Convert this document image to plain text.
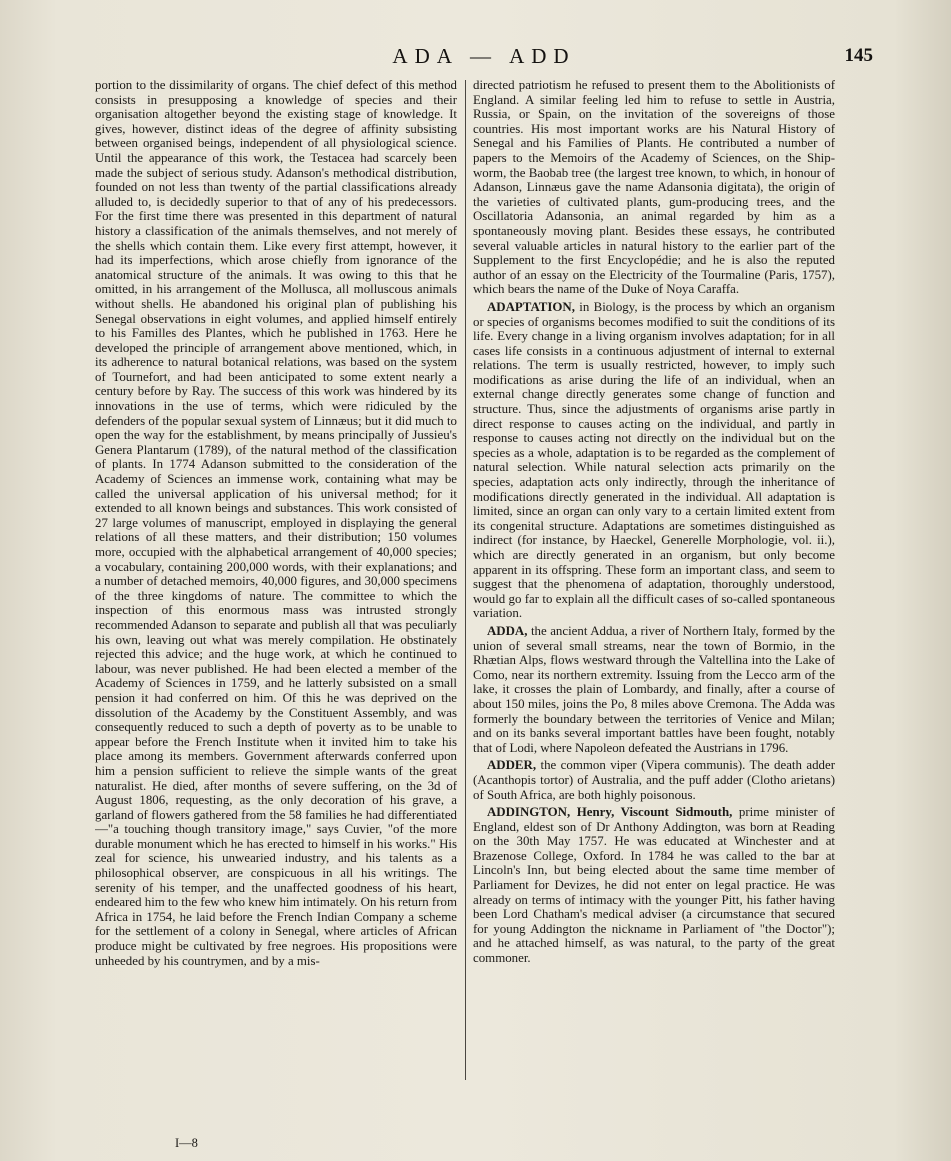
ADA — ADD	145

portion to the dissimilarity of organs. The chief defect of this method consists in presupposing a knowledge of species and their organisation altogether beyond the existing stage of knowledge. It gives, however, distinct ideas of the degree of affinity subsisting between organised beings, independent of all physiological science. Until the appearance of this work, the Testacea had scarcely been made the subject of serious study. Adanson's methodical distribution, founded on not less than twenty of the partial classifications already alluded to, is decidedly superior to that of any of his predecessors. For the first time there was presented in this department of natural history a classification of the animals themselves, and not merely of the shells which contain them. Like every first attempt, however, it had its imperfections, which arose chiefly from ignorance of the anatomical structure of the animals. It was owing to this that he omitted, in his arrangement of the Mollusca, all molluscous animals without shells. He abandoned his original plan of publishing his Senegal observations in eight volumes, and applied himself entirely to his Familles des Plantes, which he published in 1763. Here he developed the principle of arrangement above mentioned, which, in its adherence to natural botanical relations, was based on the system of Tournefort, and had been anticipated to some extent nearly a century before by Ray. The success of this work was hindered by its innovations in the use of terms, which were ridiculed by the defenders of the popular sexual system of Linnæus; but it did much to open the way for the establishment, by means principally of Jussieu's Genera Plantarum (1789), of the natural method of the classification of plants. In 1774 Adanson submitted to the consideration of the Academy of Sciences an immense work, containing what may be called the universal application of his universal method; for it extended to all known beings and substances. This work consisted of 27 large volumes of manuscript, employed in displaying the general relations of all these matters, and their distribution; 150 volumes more, occupied with the alphabetical arrangement of 40,000 species; a vocabulary, containing 200,000 words, with their explanations; and a number of detached memoirs, 40,000 figures, and 30,000 specimens of the three kingdoms of nature. The committee to which the inspection of this enormous mass was intrusted strongly recommended Adanson to separate and publish all that was peculiarly his own, leaving out what was merely compilation. He obstinately rejected this advice; and the huge work, at which he continued to labour, was never published. He had been elected a member of the Academy of Sciences in 1759, and he latterly subsisted on a small pension it had conferred on him. Of this he was deprived on the dissolution of the Academy by the Constituent Assembly, and was consequently reduced to such a depth of poverty as to be unable to appear before the French Institute when it invited him to take his place among its members. Government afterwards conferred upon him a pension sufficient to relieve the simple wants of the great naturalist. He died, after months of severe suffering, on the 3d of August 1806, requesting, as the only decoration of his grave, a garland of flowers gathered from the 58 families he had differentiated—"a touching though transitory image," says Cuvier, "of the more durable monument which he has erected to himself in his works." His zeal for science, his unwearied industry, and his talents as a philosophical observer, are conspicuous in all his writings. The serenity of his temper, and the unaffected goodness of his heart, endeared him to the few who knew him intimately. On his return from Africa in 1754, he laid before the French Indian Company a scheme for the settlement of a colony in Senegal, where articles of African produce might be cultivated by free negroes. His propositions were unheeded by his countrymen, and by a mis-

directed patriotism he refused to present them to the Abolitionists of England. A similar feeling led him to refuse to settle in Austria, Russia, or Spain, on the invitation of the sovereigns of those countries. His most important works are his Natural History of Senegal and his Families of Plants. He contributed a number of papers to the Memoirs of the Academy of Sciences, on the Ship-worm, the Baobab tree (the largest tree known, to which, in honour of Adanson, Linnæus gave the name Adansonia digitata), the origin of the varieties of cultivated plants, gum-producing trees, and the Oscillatoria Adansonia, an animal regarded by him as a spontaneously moving plant. Besides these essays, he contributed several valuable articles in natural history to the earlier part of the Supplement to the first Encyclopédie; and he is also the reputed author of an essay on the Electricity of the Tourmaline (Paris, 1757), which bears the name of the Duke of Noya Caraffa.

ADAPTATION, in Biology, is the process by which an organism or species of organisms becomes modified to suit the conditions of its life. Every change in a living organism involves adaptation; for in all cases life consists in a continuous adjustment of internal to external relations. The term is usually restricted, however, to imply such modifications as arise during the life of an individual, when an external change directly generates some change of function and structure. Thus, since the adjustments of organisms arise partly in direct response to causes acting on the individual, and partly in response to causes acting not directly on the individual but on the species as a whole, adaptation is to be regarded as the complement of natural selection. While natural selection acts primarily on the species, adaptation acts only indirectly, through the inheritance of modifications directly generated in the individual. All adaptation is limited, since an organ can only vary to a certain limited extent from its congenital structure. Adaptations are sometimes distinguished as indirect (for instance, by Haeckel, Generelle Morphologie, vol. ii.), which are directly generated in an organism, but only become apparent in its offspring. These form an important class, and seem to suggest that the phenomena of adaptation, thoroughly understood, would go far to explain all the difficult cases of so-called spontaneous variation.

ADDA, the ancient Addua, a river of Northern Italy, formed by the union of several small streams, near the town of Bormio, in the Rhætian Alps, flows westward through the Valtellina into the Lake of Como, near its northern extremity. Issuing from the Lecco arm of the lake, it crosses the plain of Lombardy, and finally, after a course of about 150 miles, joins the Po, 8 miles above Cremona. The Adda was formerly the boundary between the territories of Venice and Milan; and on its banks several important battles have been fought, notably that of Lodi, where Napoleon defeated the Austrians in 1796.

ADDER, the common viper (Vipera communis). The death adder (Acanthopis tortor) of Australia, and the puff adder (Clotho arietans) of South Africa, are both highly poisonous.

ADDINGTON, Henry, Viscount Sidmouth, prime minister of England, eldest son of Dr Anthony Addington, was born at Reading on the 30th May 1757. He was educated at Winchester and at Brazenose College, Oxford. In 1784 he was called to the bar at Lincoln's Inn, but being elected about the same time member of Parliament for Devizes, he did not enter on legal practice. He was already on terms of intimacy with the younger Pitt, his father having been Lord Chatham's medical adviser (a circumstance that secured for young Addington the nickname in Parliament of "the Doctor"); and he attached himself, as was natural, to the party of the great commoner.

I—8
